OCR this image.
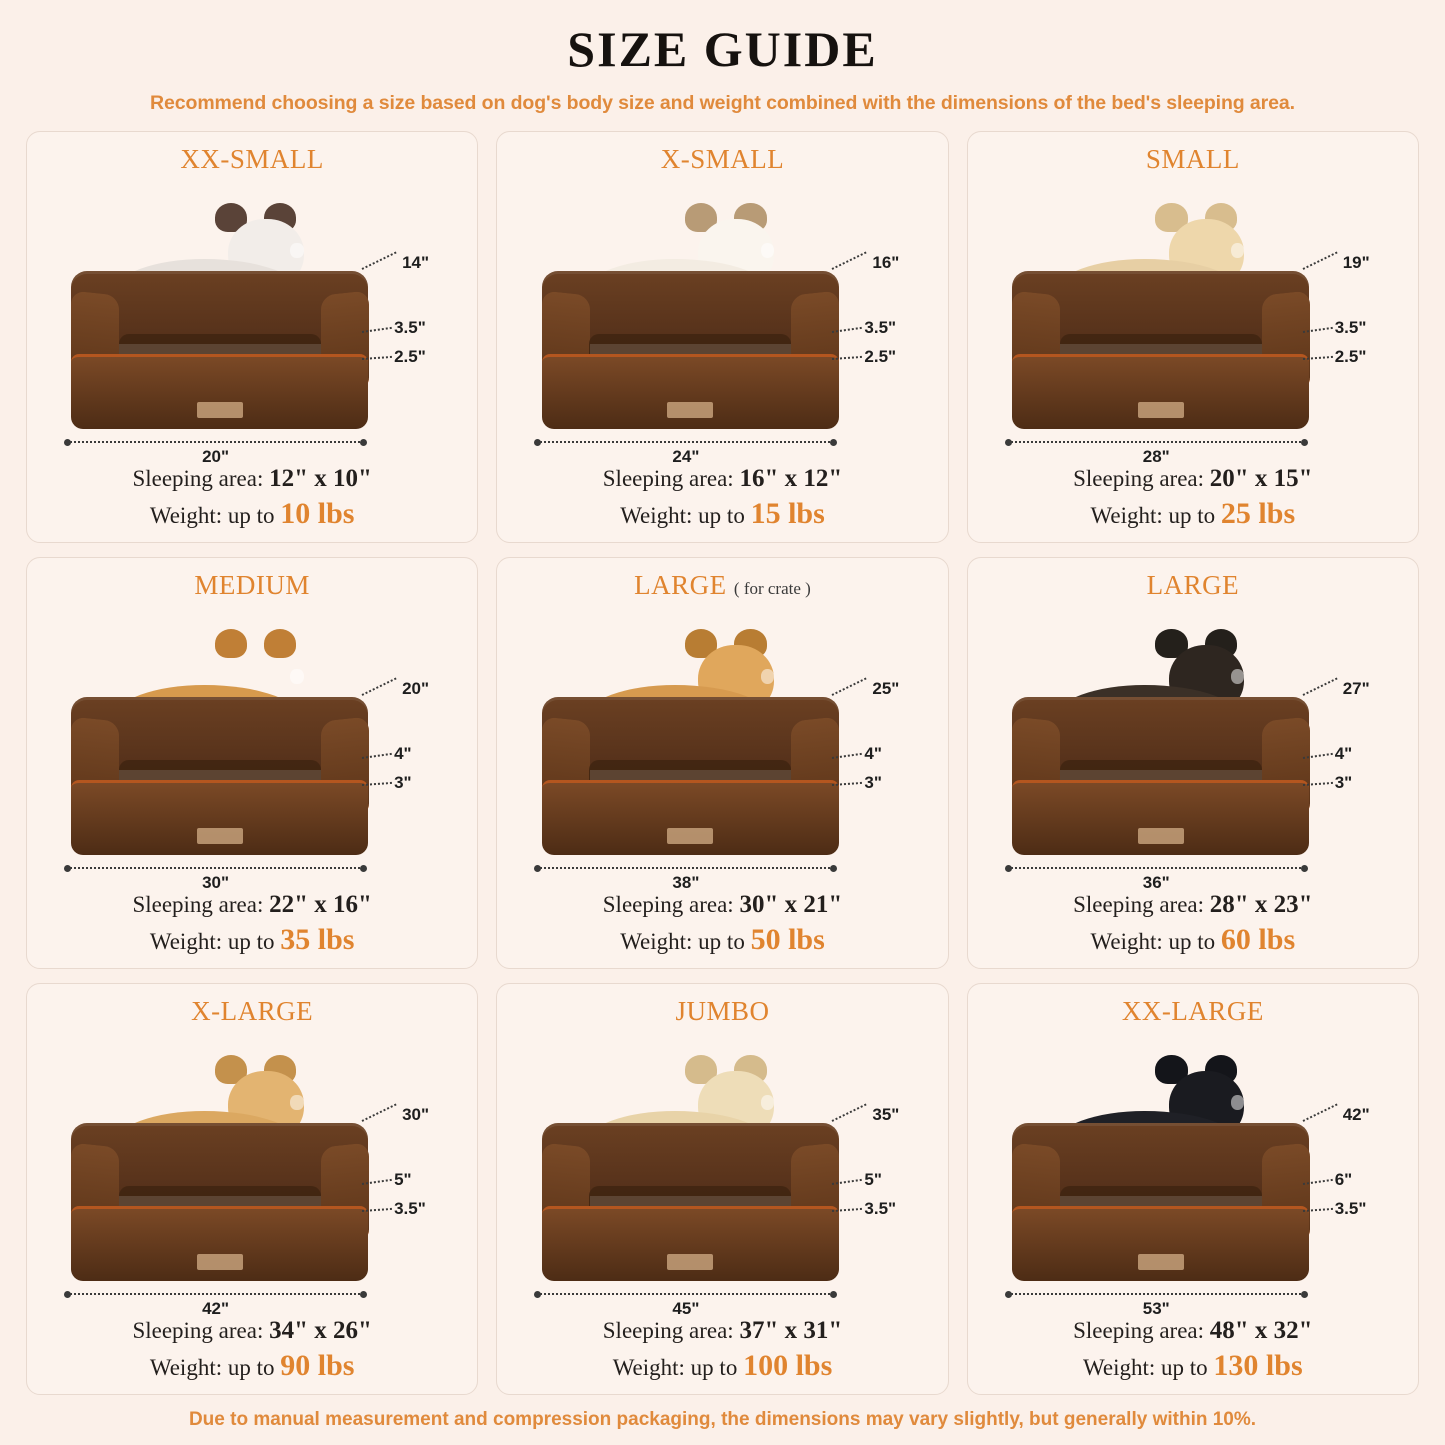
SIZE GUIDE
Recommend choosing a size based on dog's body size and weight combined with the dimensions of the bed's sleeping area.
XX-SMALL
14"
3.5"
2.5"
20"
Sleeping area: 12" x 10"
Weight: up to 10 lbs
X-SMALL
16"
3.5"
2.5"
24"
Sleeping area: 16" x 12"
Weight: up to 15 lbs
SMALL
19"
3.5"
2.5"
28"
Sleeping area: 20" x 15"
Weight: up to 25 lbs
MEDIUM
20"
4"
3"
30"
Sleeping area: 22" x 16"
Weight: up to 35 lbs
LARGE ( for crate )
25"
4"
3"
38"
Sleeping area: 30" x 21"
Weight: up to 50 lbs
LARGE
27"
4"
3"
36"
Sleeping area: 28" x 23"
Weight: up to 60 lbs
X-LARGE
30"
5"
3.5"
42"
Sleeping area: 34" x 26"
Weight: up to 90 lbs
JUMBO
35"
5"
3.5"
45"
Sleeping area: 37" x 31"
Weight: up to 100 lbs
XX-LARGE
42"
6"
3.5"
53"
Sleeping area: 48" x 32"
Weight: up to 130 lbs
Due to manual measurement and compression packaging, the dimensions may vary slightly, but generally within 10%.
